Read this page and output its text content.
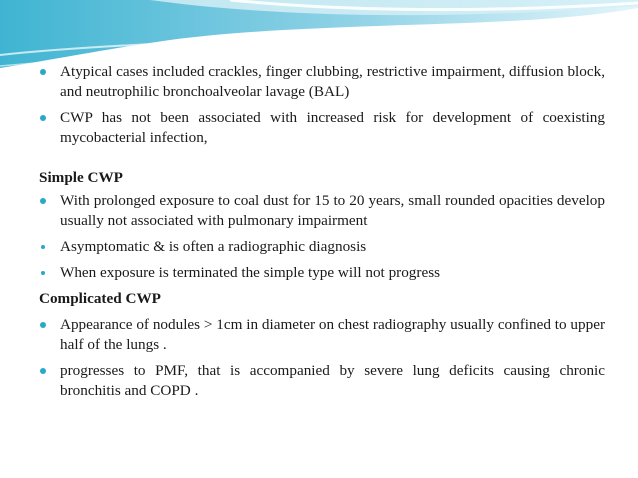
Atypical cases included crackles, finger clubbing, restrictive impairment, diffusion block, and neutrophilic bronchoalveolar lavage (BAL)
CWP has not been associated with increased risk for development of coexisting mycobacterial infection,
Simple CWP
With prolonged exposure to coal dust for 15 to 20 years, small rounded opacities develop usually not associated with pulmonary impairment
Asymptomatic & is often a radiographic diagnosis
When exposure is terminated the simple type will not progress
Complicated CWP
Appearance of nodules > 1cm in diameter on chest radiography usually confined to upper half of the lungs .
progresses to PMF, that is accompanied by severe lung deficits causing chronic bronchitis and COPD .
